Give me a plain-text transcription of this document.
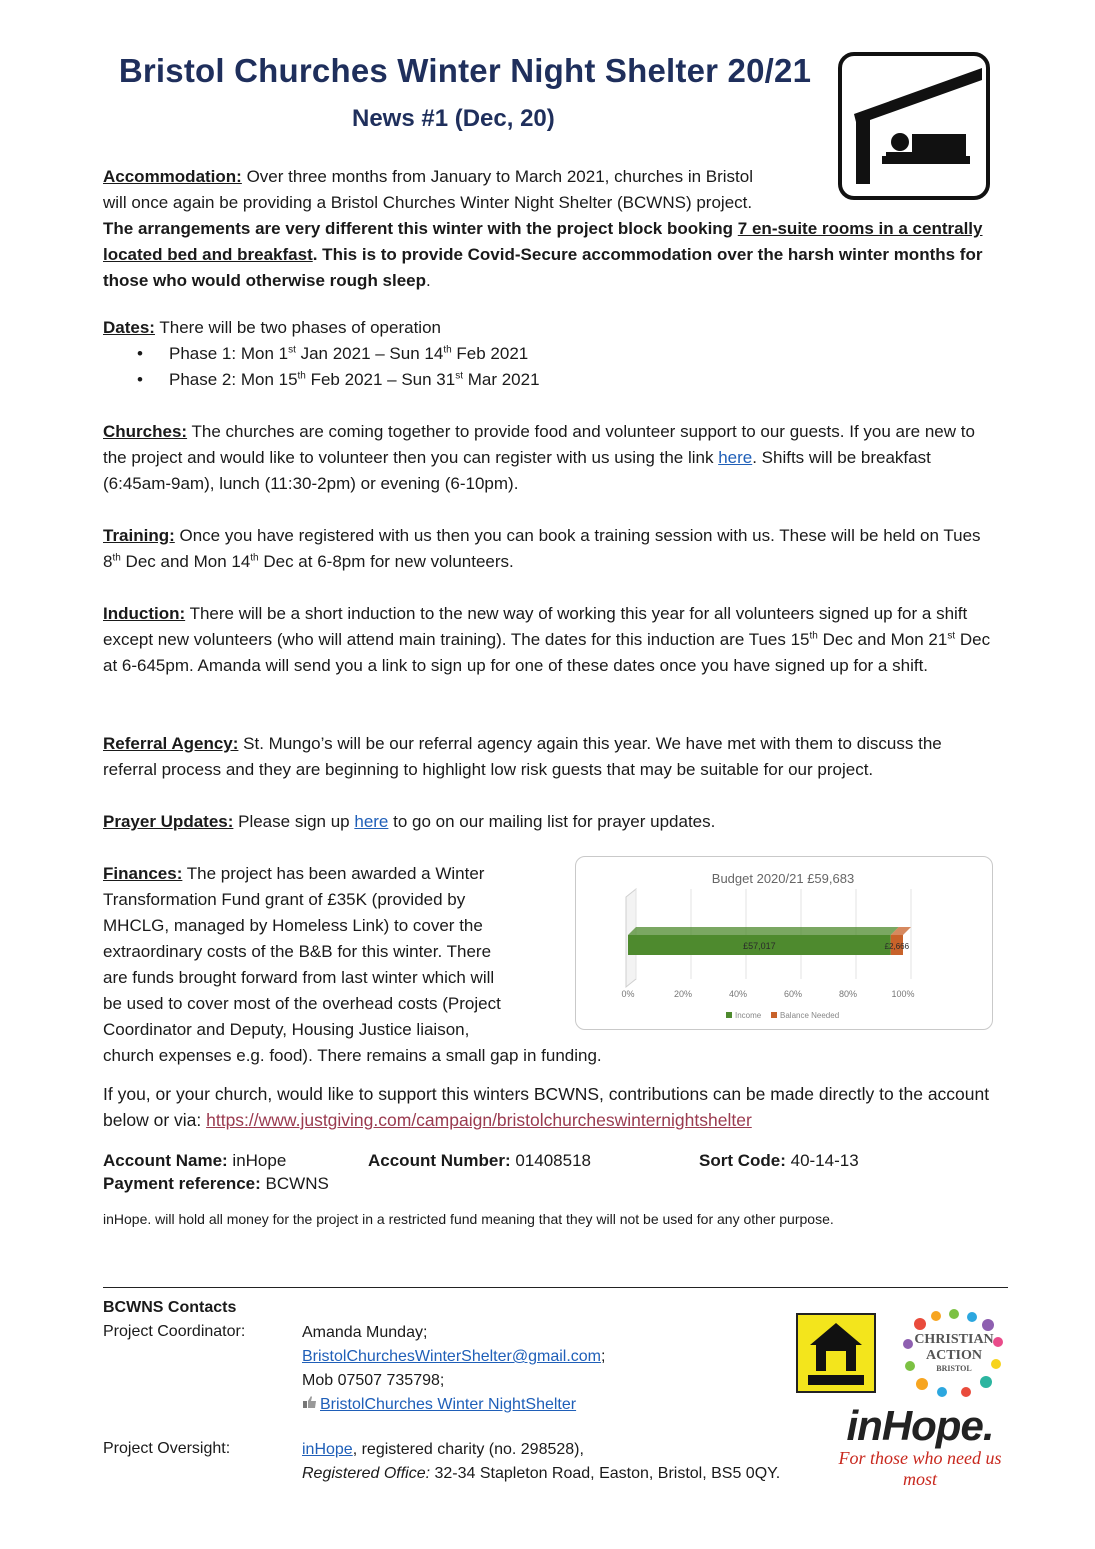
Bristol Churches Winter Night Shelter 20/21
News #1 (Dec, 20)
Accommodation: Over three months from January to March 2021, churches in Bristol
will once again be providing a Bristol Churches Winter Night Shelter (BCWNS) project.
The arrangements are very different this winter with the project block booking 7 en-suite rooms in a centrally located bed and breakfast. This is to provide Covid-Secure accommodation over the harsh winter months for those who would otherwise rough sleep.
Dates: There will be two phases of operation
• Phase 1: Mon 1st Jan 2021 – Sun 14th Feb 2021
• Phase 2: Mon 15th Feb 2021 – Sun 31st Mar 2021
Churches: The churches are coming together to provide food and volunteer support to our guests. If you are new to the project and would like to volunteer then you can register with us using the link here. Shifts will be breakfast (6:45am-9am), lunch (11:30-2pm) or evening (6-10pm).
Training: Once you have registered with us then you can book a training session with us. These will be held on Tues 8th Dec and Mon 14th Dec at 6-8pm for new volunteers.
Induction: There will be a short induction to the new way of working this year for all volunteers signed up for a shift except new volunteers (who will attend main training). The dates for this induction are Tues 15th Dec and Mon 21st Dec at 6-645pm. Amanda will send you a link to sign up for one of these dates once you have signed up for a shift.
Referral Agency: St. Mungo’s will be our referral agency again this year. We have met with them to discuss the referral process and they are beginning to highlight low risk guests that may be suitable for our project.
Prayer Updates: Please sign up here to go on our mailing list for prayer updates.
Finances: The project has been awarded a Winter
Transformation Fund grant of £35K (provided by
MHCLG, managed by Homeless Link) to cover the
extraordinary costs of the B&B for this winter. There
are funds brought forward from last winter which will
be used to cover most of the overhead costs (Project
Coordinator and Deputy, Housing Justice liaison,
church expenses e.g. food). There remains a small gap in funding.
Budget 2020/21 £59,683
£57,017	£2,666
0%	20%	40%	60%	80%	100%
Income Balance Needed
If you, or your church, would like to support this winters BCWNS, contributions can be made directly to the account below or via: https://www.justgiving.com/campaign/bristolchurcheswinternightshelter
Account Name: inHope	Account Number: 01408518	Sort Code: 40-14-13
Payment reference: BCWNS
inHope. will hold all money for the project in a restricted fund meaning that they will not be used for any other purpose.
BCWNS Contacts
Project Coordinator:	Amanda Munday;
BristolChurchesWinterShelter@gmail.com;
Mob 07507 735798;
BristolChurches Winter NightShelter
Project Oversight:	inHope, registered charity (no. 298528),
Registered Office: 32-34 Stapleton Road, Easton, Bristol, BS5 0QY.
CHRISTIAN
ACTION
BRISTOL
inHope.
For those who need us most
